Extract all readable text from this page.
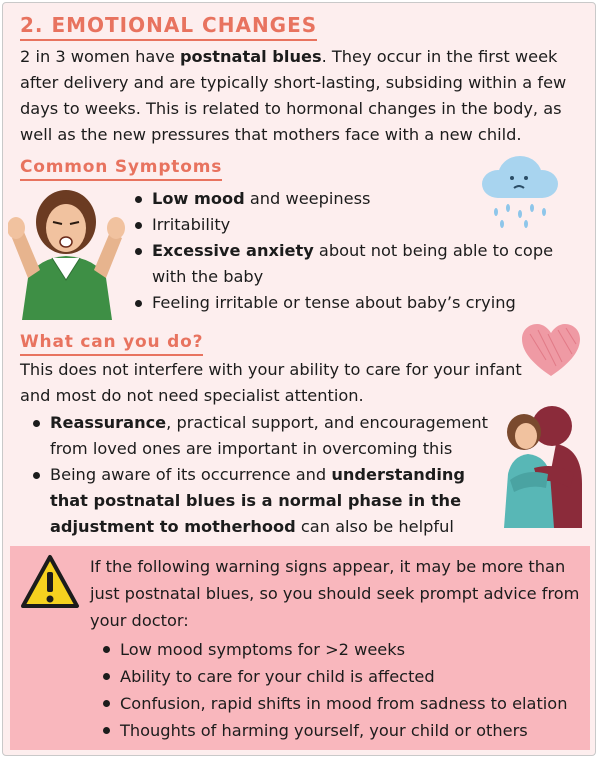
2. EMOTIONAL CHANGES
2 in 3 women have postnatal blues. They occur in the first week after delivery and are typically short-lasting, subsiding within a few days to weeks. This is related to hormonal changes in the body, as well as the new pressures that mothers face with a new child.
Common Symptoms
Low mood and weepiness
Irritability
Excessive anxiety about not being able to cope with the baby
Feeling irritable or tense about baby’s crying
What can you do?
This does not interfere with your ability to care for your infant and most do not need specialist attention.
Reassurance, practical support, and encouragement from loved ones are important in overcoming this
Being aware of its occurrence and understanding that postnatal blues is a normal phase in the adjustment to motherhood can also be helpful
If the following warning signs appear, it may be more than just postnatal blues, so you should seek prompt advice from your doctor:
Low mood symptoms for >2 weeks
Ability to care for your child is affected
Confusion, rapid shifts in mood from sadness to elation
Thoughts of harming yourself, your child or others
